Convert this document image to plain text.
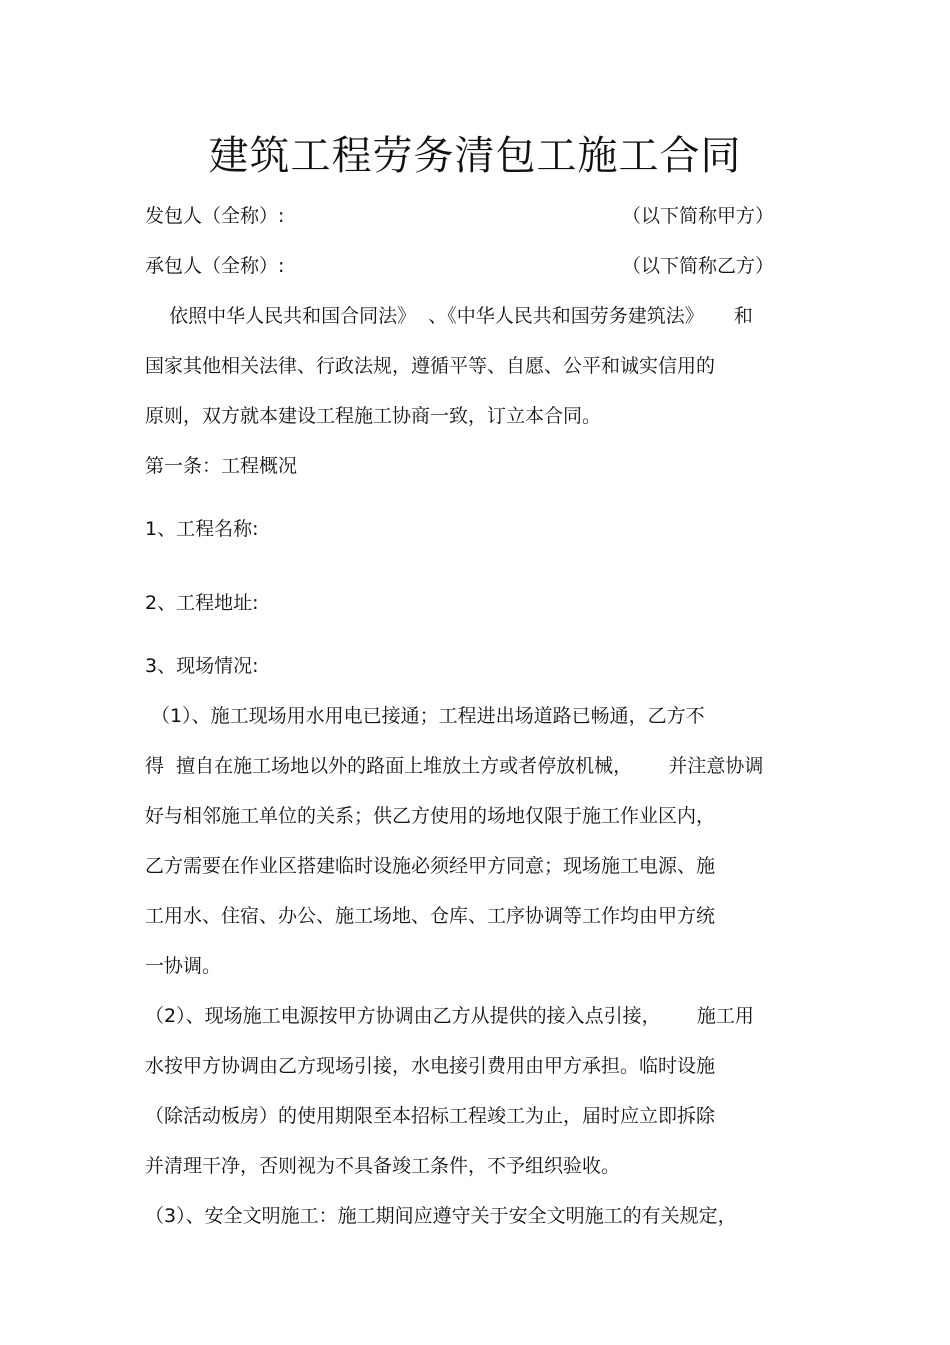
建筑工程劳务清包工施工合同
发包人（全称）:	（以下简称甲方）
承包人（全称）:	（以下简称乙方）
依照中华人民共和国合同法》  、《中华人民共和国劳务建筑法》     和
国家其他相关法律、行政法规，遵循平等、自愿、公平和诚实信用的
原则，双方就本建设工程施工协商一致，订立本合同。
第一条：工程概况
1、工程名称:
2、工程地址:
3、现场情况:
（1）、施工现场用水用电已接通；工程进出场道路已畅通，乙方不
得  擅自在施工场地以外的路面上堆放土方或者停放机械，      并注意协调
好与相邻施工单位的关系；供乙方使用的场地仅限于施工作业区内，
乙方需要在作业区搭建临时设施必须经甲方同意；现场施工电源、施
工用水、住宿、办公、施工场地、仓库、工序协调等工作均由甲方统
一协调。
（2）、现场施工电源按甲方协调由乙方从提供的接入点引接，      施工用
水按甲方协调由乙方现场引接，水电接引费用由甲方承担。临时设施
（除活动板房）的使用期限至本招标工程竣工为止，届时应立即拆除
并清理干净，否则视为不具备竣工条件，不予组织验收。
（3）、安全文明施工：施工期间应遵守关于安全文明施工的有关规定，
